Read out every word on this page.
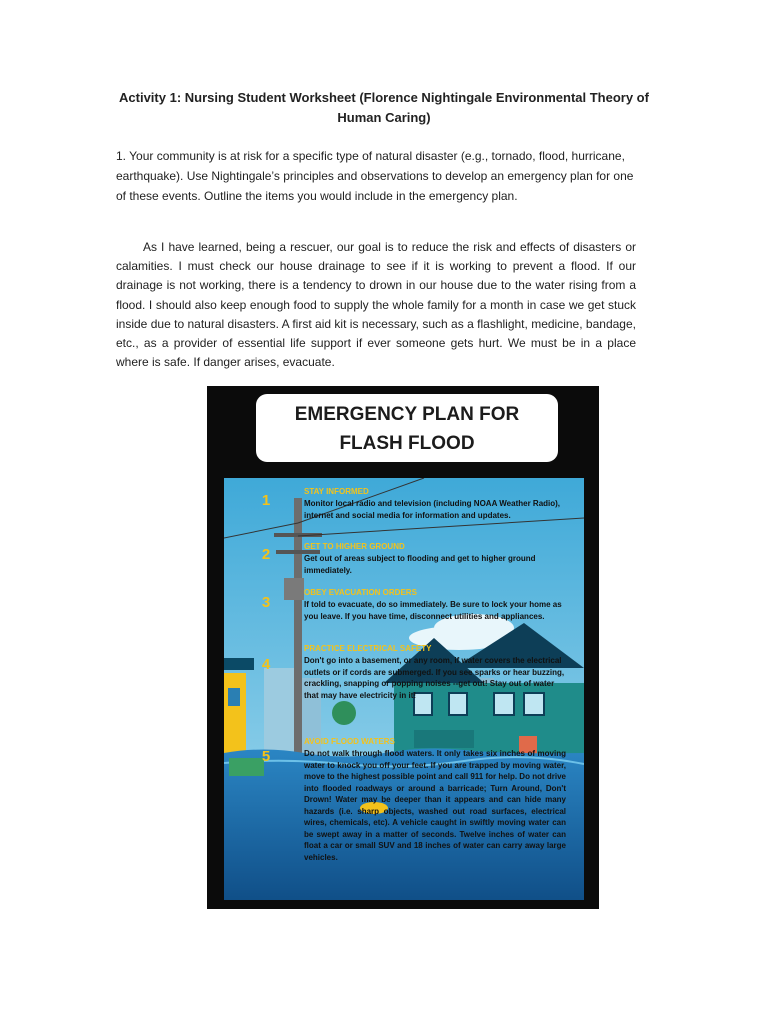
Activity 1: Nursing Student Worksheet (Florence Nightingale Environmental Theory of Human Caring)
1. Your community is at risk for a specific type of natural disaster (e.g., tornado, flood, hurricane, earthquake). Use Nightingale’s principles and observations to develop an emergency plan for one of these events. Outline the items you would include in the emergency plan.
As I have learned, being a rescuer, our goal is to reduce the risk and effects of disasters or calamities. I must check our house drainage to see if it is working to prevent a flood. If our drainage is not working, there is a tendency to drown in our house due to the water rising from a flood. I should also keep enough food to supply the whole family for a month in case we get stuck inside due to natural disasters. A first aid kit is necessary, such as a flashlight, medicine, bandage, etc., as a provider of essential life support if ever someone gets hurt. We must be in a place where is safe. If danger arises, evacuate.
EMERGENCY PLAN FOR
FLASH FLOOD
1
STAY INFORMED
Monitor local radio and television (including NOAA Weather Radio), internet and social media for information and updates.
2	GET TO HIGHER GROUND
Get out of areas subject to flooding and get to higher ground immediately.
3
OBEY EVACUATION ORDERS
If told to evacuate, do so immediately. Be sure to lock your home as you leave. If you have time, disconnect utilities and appliances.
4
PRACTICE ELECTRICAL SAFETY
Don't go into a basement, or any room, if water covers the electrical outlets or if cords are submerged. If you see sparks or hear buzzing, crackling, snapping or popping noises --get out! Stay out of water that may have electricity in it!
5
AVOID FLOOD WATERS
Do not walk through flood waters. It only takes six inches of moving water to knock you off your feet. If you are trapped by moving water, move to the highest possible point and call 911 for help. Do not drive into flooded roadways or around a barricade; Turn Around, Don't Drown! Water may be deeper than it appears and can hide many hazards (i.e. sharp objects, washed out road surfaces, electrical wires, chemicals, etc). A vehicle caught in swiftly moving water can be swept away in a matter of seconds. Twelve inches of water can float a car or small SUV and 18 inches of water can carry away large vehicles.
